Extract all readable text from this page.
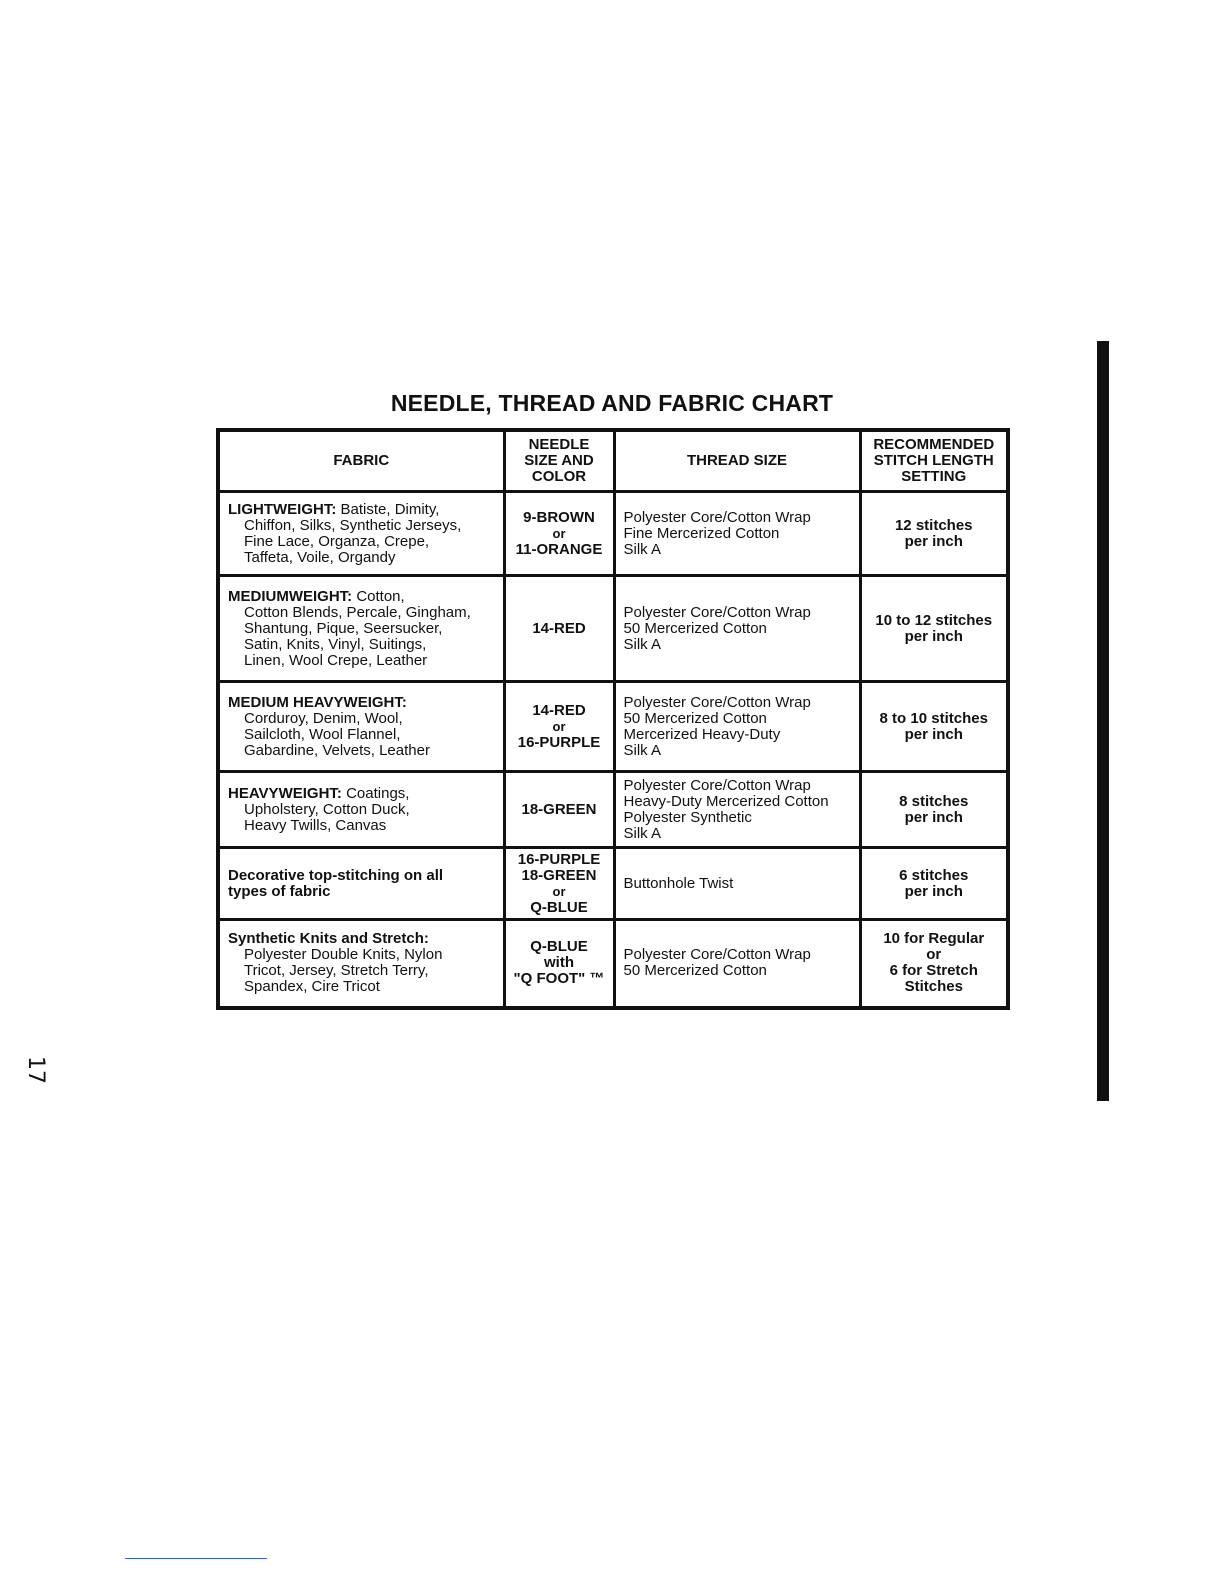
NEEDLE, THREAD AND FABRIC CHART
FABRIC	NEEDLE
SIZE AND
COLOR	THREAD SIZE	RECOMMENDED
STITCH LENGTH
SETTING

LIGHTWEIGHT: Batiste, Dimity,
Chiffon, Silks, Synthetic Jerseys,
Fine Lace, Organza, Crepe,
Taffeta, Voile, Organdy	9-BROWN
or
11-ORANGE	Polyester Core/Cotton Wrap
Fine Mercerized Cotton
Silk A	12 stitches
per inch

MEDIUMWEIGHT: Cotton,
Cotton Blends, Percale, Gingham,
Shantung, Pique, Seersucker,
Satin, Knits, Vinyl, Suitings,
Linen, Wool Crepe, Leather	14-RED	Polyester Core/Cotton Wrap
50 Mercerized Cotton
Silk A	10 to 12 stitches
per inch

MEDIUM HEAVYWEIGHT:
Corduroy, Denim, Wool,
Sailcloth, Wool Flannel,
Gabardine, Velvets, Leather	14-RED
or
16-PURPLE	Polyester Core/Cotton Wrap
50 Mercerized Cotton
Mercerized Heavy-Duty
Silk A	8 to 10 stitches
per inch

HEAVYWEIGHT: Coatings,
Upholstery, Cotton Duck,
Heavy Twills, Canvas	18-GREEN	Polyester Core/Cotton Wrap
Heavy-Duty Mercerized Cotton
Polyester Synthetic
Silk A	8 stitches
per inch

Decorative top-stitching on all
types of fabric	16-PURPLE
18-GREEN
or
Q-BLUE	Buttonhole Twist	6 stitches
per inch

Synthetic Knits and Stretch:
Polyester Double Knits, Nylon
Tricot, Jersey, Stretch Terry,
Spandex, Cire Tricot	Q-BLUE
with
"Q FOOT" ™	Polyester Core/Cotton Wrap
50 Mercerized Cotton	10 for Regular
or
6 for Stretch
Stitches
17
